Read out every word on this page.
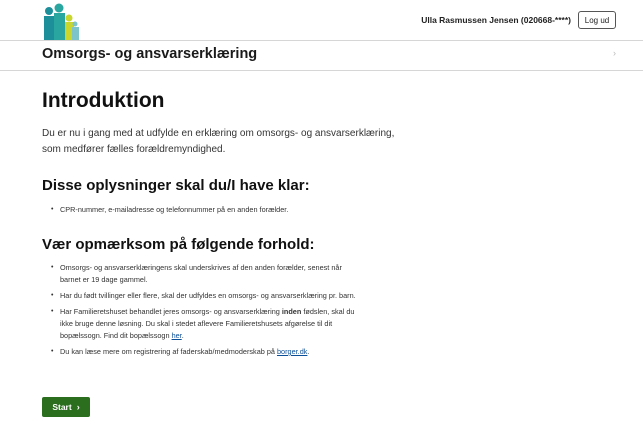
Ulla Rasmussen Jensen (020668-****)	Log ud
Omsorgs- og ansvarserklæring	›
Introduktion

Du er nu i gang med at udfylde en erklæring om omsorgs- og ansvarserklæring, som medfører fælles forældremyndighed.

Disse oplysninger skal du/I have klar:
• CPR-nummer, e-mailadresse og telefonnummer på en anden forælder.
Vær opmærksom på følgende forhold:
• Omsorgs- og ansvarserklæringens skal underskrives af den anden forælder, senest når barnet er 19 dage gammel.
• Har du født tvillinger eller flere, skal der udfyldes en omsorgs- og ansvarserklæring pr. barn.
• Har Familieretshuset behandlet jeres omsorgs- og ansvarserklæring inden fødslen, skal du ikke bruge denne løsning. Du skal i stedet aflevere Familieretshusets afgørelse til dit bopælssogn. Find dit bopælssogn her.
• Du kan læse mere om registrering af faderskab/medmoderskab på borger.dk.
Start ›
